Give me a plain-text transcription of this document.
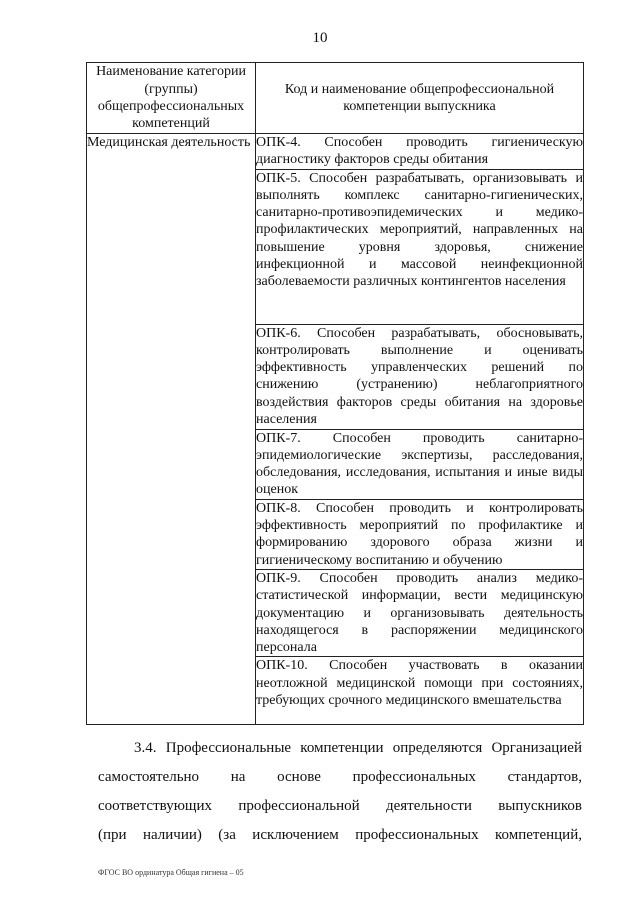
10
Наименование категории (группы) общепрофессиональных компетенций	Код и наименование общепрофессиональной компетенции выпускника
Медицинская деятельность	ОПК-4. Способен проводить гигиеническую диагностику факторов среды обитания
	ОПК-5. Способен разрабатывать, организовывать и выполнять комплекс санитарно-гигиенических, санитарно-противоэпидемических и медико-профилактических мероприятий, направленных на повышение уровня здоровья, снижение инфекционной и массовой неинфекционной заболеваемости различных контингентов населения
	ОПК-6. Способен разрабатывать, обосновывать, контролировать выполнение и оценивать эффективность управленческих решений по снижению (устранению) неблагоприятного воздействия факторов среды обитания на здоровье населения
	ОПК-7. Способен проводить санитарно-эпидемиологические экспертизы, расследования, обследования, исследования, испытания и иные виды оценок
	ОПК-8. Способен проводить и контролировать эффективность мероприятий по профилактике и формированию здорового образа жизни и гигиеническому воспитанию и обучению
	ОПК-9. Способен проводить анализ медико-статистической информации, вести медицинскую документацию и организовывать деятельность находящегося в распоряжении медицинского персонала
	ОПК-10. Способен участвовать в оказании неотложной медицинской помощи при состояниях, требующих срочного медицинского вмешательства
3.4. Профессиональные компетенции определяются Организацией
самостоятельно на основе профессиональных стандартов,
соответствующих профессиональной деятельности выпускников
(при наличии) (за исключением профессиональных компетенций,
ФГОС ВО ординатура Общая гигиена – 05
